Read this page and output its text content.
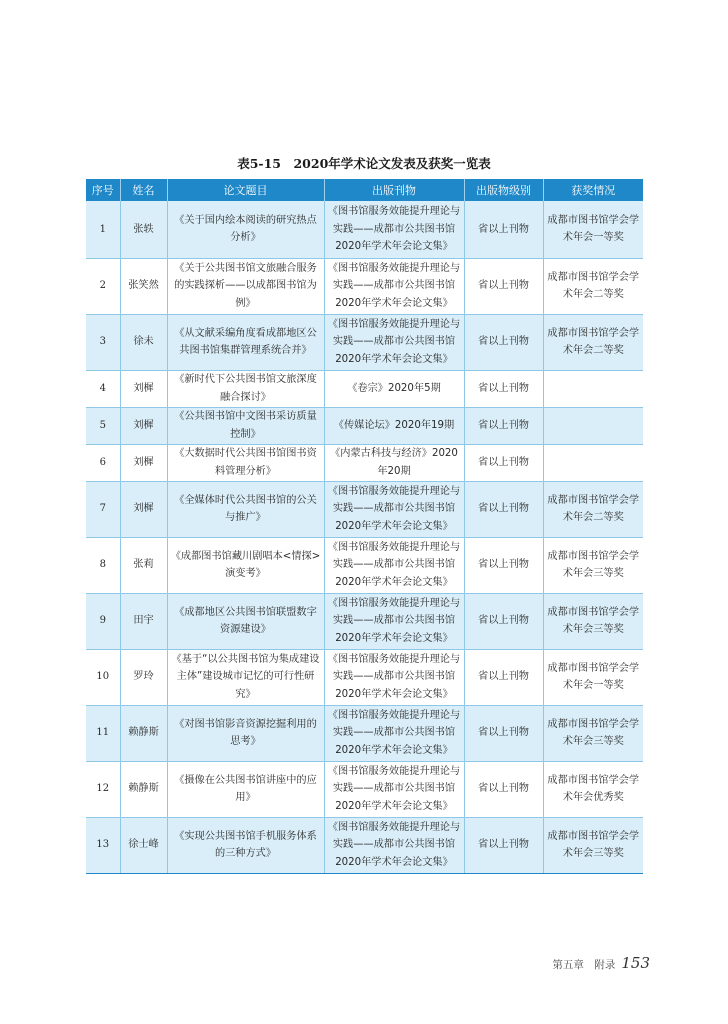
表5-15　2020年学术论文发表及获奖一览表
序号	姓名	论文题目	出版刊物	出版物级别	获奖情况
1	张轶	《关于国内绘本阅读的研究热点分析》	《图书馆服务效能提升理论与实践——成都市公共图书馆2020年学术年会论文集》	省以上刊物	成都市图书馆学会学术年会一等奖
2	张笑然	《关于公共图书馆文旅融合服务的实践探析——以成都图书馆为例》	《图书馆服务效能提升理论与实践——成都市公共图书馆2020年学术年会论文集》	省以上刊物	成都市图书馆学会学术年会二等奖
3	徐未	《从文献采编角度看成都地区公共图书馆集群管理系统合并》	《图书馆服务效能提升理论与实践——成都市公共图书馆2020年学术年会论文集》	省以上刊物	成都市图书馆学会学术年会二等奖
4	刘樨	《新时代下公共图书馆文旅深度融合探讨》	《卷宗》2020年5期	省以上刊物	
5	刘樨	《公共图书馆中文图书采访质量控制》	《传媒论坛》2020年19期	省以上刊物	
6	刘樨	《大数据时代公共图书馆图书资料管理分析》	《内蒙古科技与经济》2020年20期	省以上刊物	
7	刘樨	《全媒体时代公共图书馆的公关与推广》	《图书馆服务效能提升理论与实践——成都市公共图书馆2020年学术年会论文集》	省以上刊物	成都市图书馆学会学术年会二等奖
8	张莉	《成都图书馆藏川剧唱本<情探>演变考》	《图书馆服务效能提升理论与实践——成都市公共图书馆2020年学术年会论文集》	省以上刊物	成都市图书馆学会学术年会三等奖
9	田宇	《成都地区公共图书馆联盟数字资源建设》	《图书馆服务效能提升理论与实践——成都市公共图书馆2020年学术年会论文集》	省以上刊物	成都市图书馆学会学术年会三等奖
10	罗玲	《基于“以公共图书馆为集成建设主体”建设城市记忆的可行性研究》	《图书馆服务效能提升理论与实践——成都市公共图书馆2020年学术年会论文集》	省以上刊物	成都市图书馆学会学术年会一等奖
11	赖静斯	《对图书馆影音资源挖掘利用的思考》	《图书馆服务效能提升理论与实践——成都市公共图书馆2020年学术年会论文集》	省以上刊物	成都市图书馆学会学术年会三等奖
12	赖静斯	《摄像在公共图书馆讲座中的应用》	《图书馆服务效能提升理论与实践——成都市公共图书馆2020年学术年会论文集》	省以上刊物	成都市图书馆学会学术年会优秀奖
13	徐士峰	《实现公共图书馆手机服务体系的三种方式》	《图书馆服务效能提升理论与实践——成都市公共图书馆2020年学术年会论文集》	省以上刊物	成都市图书馆学会学术年会三等奖
第五章　附录 153
